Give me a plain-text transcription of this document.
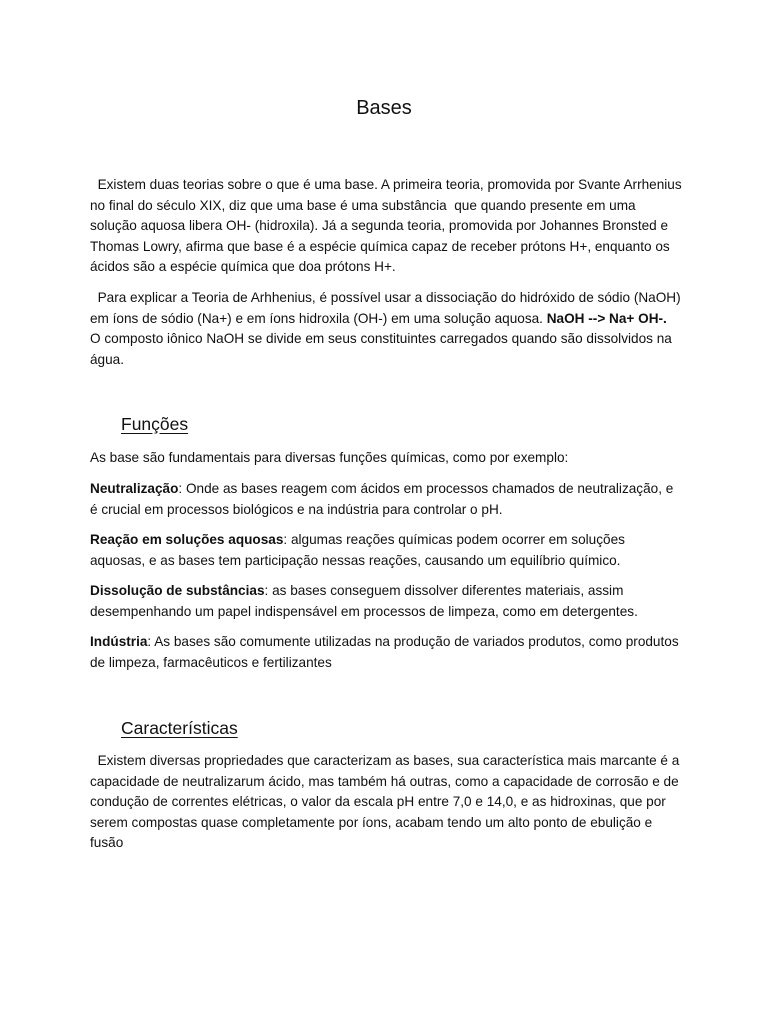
Bases

Existem duas teorias sobre o que é uma base. A primeira teoria, promovida por Svante Arrhenius no final do século XIX, diz que uma base é uma substância  que quando presente em uma solução aquosa libera OH- (hidroxila). Já a segunda teoria, promovida por Johannes Bronsted e Thomas Lowry, afirma que base é a espécie química capaz de receber prótons H+, enquanto os ácidos são a espécie química que doa prótons H+.

Para explicar a Teoria de Arhhenius, é possível usar a dissociação do hidróxido de sódio (NaOH) em íons de sódio (Na+) e em íons hidroxila (OH-) em uma solução aquosa. NaOH --> Na+ OH-.  O composto iônico NaOH se divide em seus constituintes carregados quando são dissolvidos na água.

Funções

As base são fundamentais para diversas funções químicas, como por exemplo:

Neutralização: Onde as bases reagem com ácidos em processos chamados de neutralização, e é crucial em processos biológicos e na indústria para controlar o pH.

Reação em soluções aquosas: algumas reações químicas podem ocorrer em soluções aquosas, e as bases tem participação nessas reações, causando um equilíbrio químico.

Dissolução de substâncias: as bases conseguem dissolver diferentes materiais, assim desempenhando um papel indispensável em processos de limpeza, como em detergentes.

Indústria: As bases são comumente utilizadas na produção de variados produtos, como produtos de limpeza, farmacêuticos e fertilizantes

Características

Existem diversas propriedades que caracterizam as bases, sua característica mais marcante é a capacidade de neutralizarum ácido, mas também há outras, como a capacidade de corrosão e de condução de correntes elétricas, o valor da escala pH entre 7,0 e 14,0, e as hidroxinas, que por serem compostas quase completamente por íons, acabam tendo um alto ponto de ebulição e fusão
